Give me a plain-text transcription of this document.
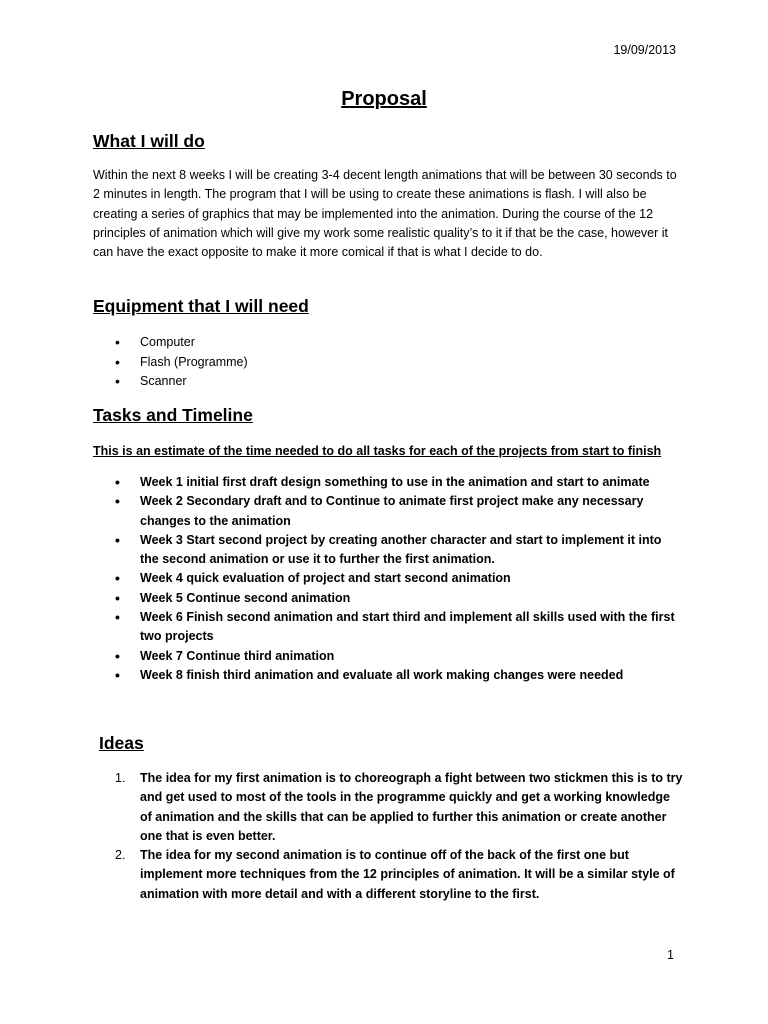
19/09/2013
Proposal
What I will do
Within the next 8 weeks I will be creating 3-4 decent length animations that will be between 30 seconds to 2 minutes in length. The program that I will be using to create these animations is flash. I will also be creating a series of graphics that may be implemented into the animation. During the course of the 12 principles of animation which will give my work some realistic quality’s to it if that be the case, however it can have the exact opposite to make it more comical if that is what I decide to do.
Equipment that I will need
• Computer
• Flash (Programme)
• Scanner
Tasks and Timeline
This is an estimate of the time needed to do all tasks for each of the projects from start to finish
• Week 1 initial first draft design something to use in the animation and start to animate
• Week 2 Secondary draft and to Continue to animate first project make any necessary changes to the animation
• Week 3 Start second project by creating another character and start to implement it into the second animation or use it to further the first animation.
• Week 4 quick evaluation of project and start second animation
• Week 5 Continue second animation
• Week 6 Finish second animation and start third and implement all skills used with the first two projects
• Week 7 Continue third animation
• Week 8 finish third animation and evaluate all work making changes were needed
Ideas
1. The idea for my first animation is to choreograph a fight between two stickmen this is to try and get used to most of the tools in the programme quickly and get a working knowledge of animation and the skills that can be applied to further this animation or create another one that is even better.
2. The idea for my second animation is to continue off of the back of the first one but implement more techniques from the 12 principles of animation. It will be a similar style of animation with more detail and with a different storyline to the first.
1
